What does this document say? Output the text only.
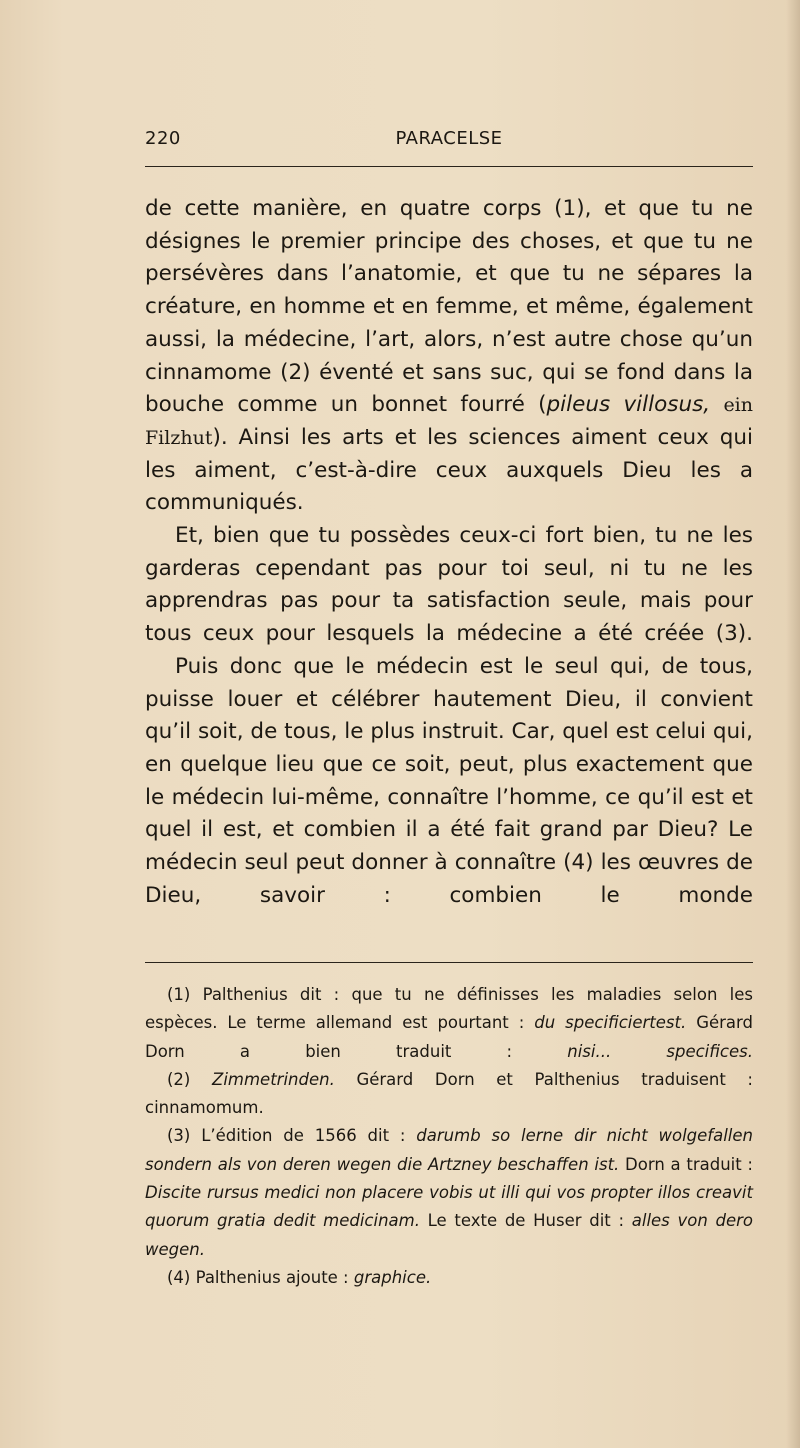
220	PARACELSE

de cette manière, en quatre corps (1), et que tu ne désignes le premier principe des choses, et que tu ne persévères dans l’anatomie, et que tu ne sépares la créature, en homme et en femme, et même, également aussi, la médecine, l’art, alors, n’est autre chose qu’un cinnamome (2) éventé et sans suc, qui se fond dans la bouche comme un bonnet fourré (pileus villosus, ein Filzhut). Ainsi les arts et les sciences aiment ceux qui les aiment, c’est-à-dire ceux auxquels Dieu les a communiqués.

Et, bien que tu possèdes ceux-ci fort bien, tu ne les garderas cependant pas pour toi seul, ni tu ne les apprendras pas pour ta satisfaction seule, mais pour tous ceux pour lesquels la médecine a été créée (3).

Puis donc que le médecin est le seul qui, de tous, puisse louer et célébrer hautement Dieu, il convient qu’il soit, de tous, le plus instruit. Car, quel est celui qui, en quelque lieu que ce soit, peut, plus exactement que le médecin lui-même, connaître l’homme, ce qu’il est et quel il est, et combien il a été fait grand par Dieu? Le médecin seul peut donner à connaître (4) les œuvres de Dieu, savoir : combien le monde

(1) Palthenius dit : que tu ne définisses les maladies selon les espèces. Le terme allemand est pourtant : du specificiertest. Gérard Dorn a bien traduit : nisi... specifices.

(2) Zimmetrinden. Gérard Dorn et Palthenius traduisent : cinnamomum.

(3) L’édition de 1566 dit : darumb so lerne dir nicht wolgefallen sondern als von deren wegen die Artzney beschaffen ist. Dorn a traduit : Discite rursus medici non placere vobis ut illi qui vos propter illos creavit quorum gratia dedit medicinam. Le texte de Huser dit : alles von dero wegen.

(4) Palthenius ajoute : graphice.
